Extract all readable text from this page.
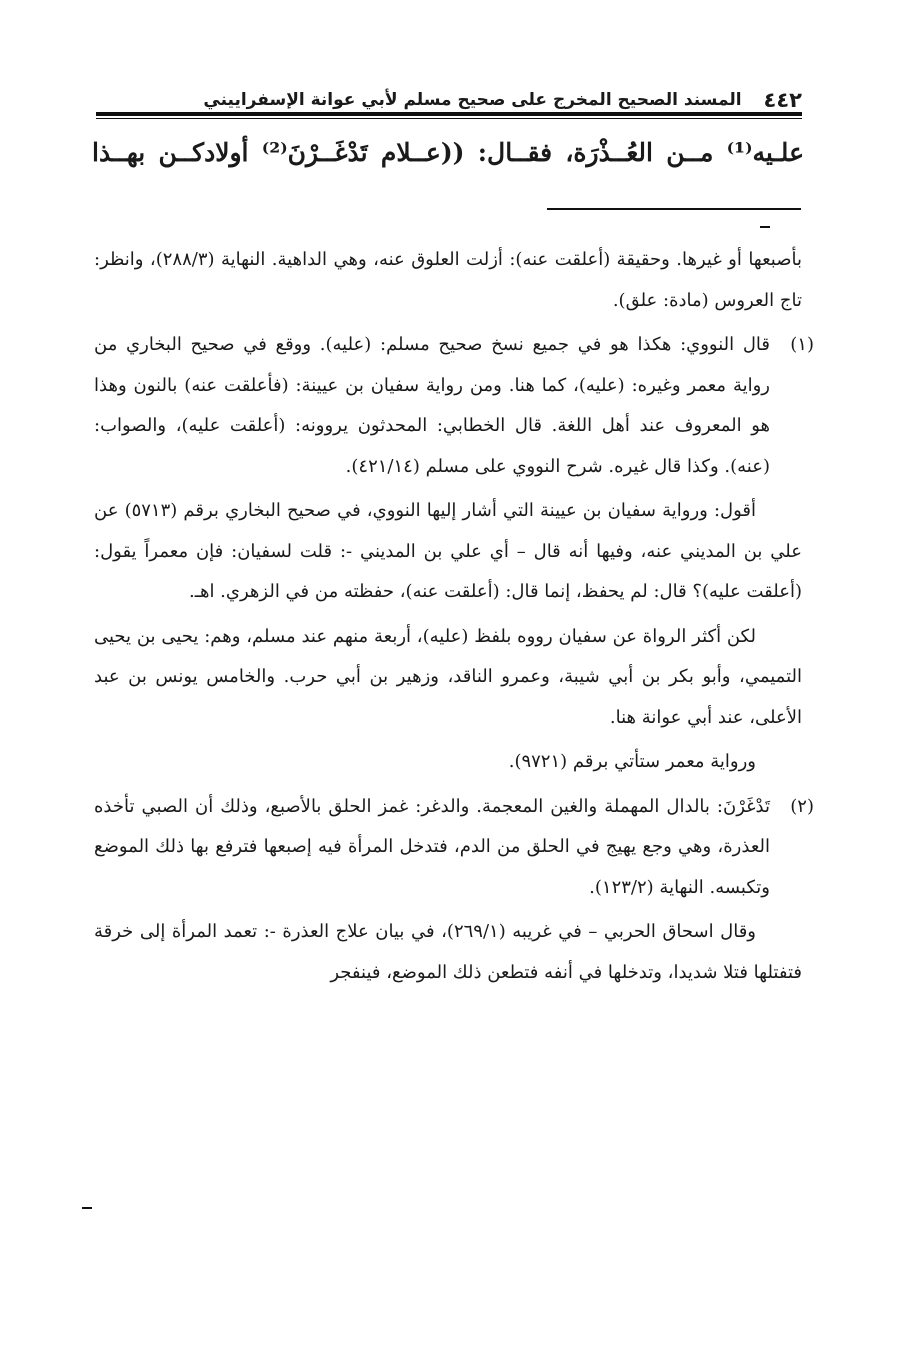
٤٤٢
المسند الصحيح المخرج على صحيح مسلم لأبي عوانة الإسفراييني
علـيه⁽¹⁾ مــن العُــذْرَة، فقــال: ((عــلام تَدْغَــرْنَ⁽²⁾ أولادكــن بهــذا

بأصبعها أو غيرها. وحقيقة (أعلقت عنه): أزلت العلوق عنه، وهي الداهية. النهاية (٢٨٨/٣)، وانظر: تاج العروس (مادة: علق).

(١)
قال النووي: هكذا هو في جميع نسخ صحيح مسلم: (عليه). ووقع في صحيح البخاري من رواية معمر وغيره: (عليه)، كما هنا. ومن رواية سفيان بن عيينة: (فأعلقت عنه) بالنون وهذا هو المعروف عند أهل اللغة. قال الخطابي: المحدثون يروونه: (أعلقت عليه)، والصواب: (عنه). وكذا قال غيره. شرح النووي على مسلم (٤٢١/١٤).

أقول: ورواية سفيان بن عيينة التي أشار إليها النووي، في صحيح البخاري برقم (٥٧١٣) عن علي بن المديني عنه، وفيها أنه قال – أي علي بن المديني -: قلت لسفيان: فإن معمراً يقول: (أعلقت عليه)؟ قال: لم يحفظ، إنما قال: (أعلقت عنه)، حفظته من في الزهري. اهـ.

لكن أكثر الرواة عن سفيان رووه بلفظ (عليه)، أربعة منهم عند مسلم، وهم: يحيى بن يحيى التميمي، وأبو بكر بن أبي شيبة، وعمرو الناقد، وزهير بن أبي حرب. والخامس يونس بن عبد الأعلى، عند أبي عوانة هنا.

ورواية معمر ستأتي برقم (٩٧٢١).

(٢)
تَدْغَرْنَ: بالدال المهملة والغين المعجمة. والدغر: غمز الحلق بالأصبع، وذلك أن الصبي تأخذه العذرة، وهي وجع يهيج في الحلق من الدم، فتدخل المرأة فيه إصبعها فترفع بها ذلك الموضع وتكبسه. النهاية (١٢٣/٢).

وقال اسحاق الحربي – في غريبه (٢٦٩/١)، في بيان علاج العذرة -: تعمد المرأة إلى خرقة فتفتلها فتلا شديدا، وتدخلها في أنفه فتطعن ذلك الموضع، فينفجر
